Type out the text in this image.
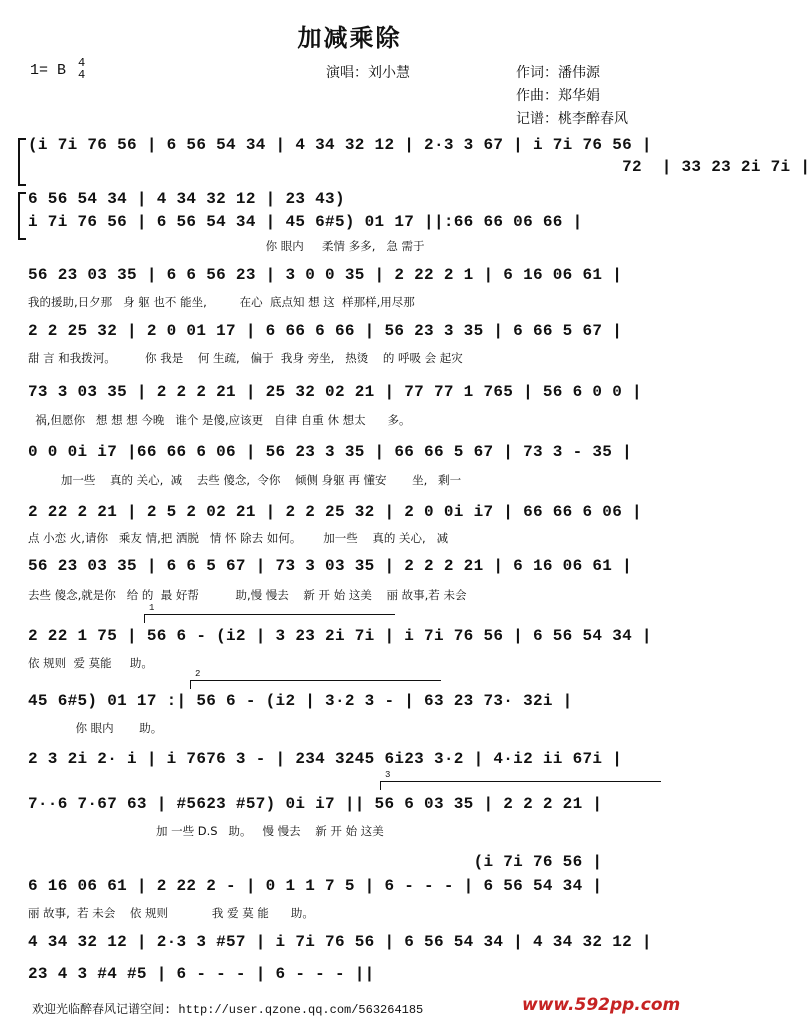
加减乘除
1= B 4
4	演唱：刘小慧	作词：潘伟源
作曲：郑华娟
记谱：桃李醉春风
(i 7i 76 56 | 6 56 54 34 | 4 34 32 12 | 2·3 3 67 | i 7i 76 56 |
72  | 33 23 2i 7i |
6 56 54 34 | 4 34 32 12 | 23 43)
i 7i 76 56 | 6 56 54 34 | 45 6#5) 01 17 ||:66 66 06 66 |
你 眼内     柔情 多多,   急 需于
56 23 03 35 | 6 6 56 23 | 3 0 0 35 | 2 22 2 1 | 6 16 06 61 |
我的援助,日夕那   身 躯 也不 能坐,         在心  底点知 想 这  样那样,用尽那
2 2 25 32 | 2 0 01 17 | 6 66 6 66 | 56 23 3 35 | 6 66 5 67 |
甜 言 和我拨河。        你 我是    何 生疏,   偏于  我身 旁坐,   热烫    的 呼吸 会 起灾
73 3 03 35 | 2 2 2 21 | 25 32 02 21 | 77 77 1 765 | 56 6 0 0 |
祸,但愿你   想 想 想 今晚   谁个 是傻,应该更   自律 自重 休 想太      多。
0 0 0i i7 |66 66 6 06 | 56 23 3 35 | 66 66 5 67 | 73 3 - 35 |
加一些    真的 关心,  减    去些 傻念,  令你    倾侧 身躯 再 懂安       坐,   剩一
2 22 2 21 | 2 5 2 02 21 | 2 2 25 32 | 2 0 0i i7 | 66 66 6 06 |
点 小恋 火,请你   乘友 情,把 洒脱   情 怀 除去 如何。      加一些    真的 关心,   减
56 23 03 35 | 6 6 5 67 | 73 3 03 35 | 2 2 2 21 | 6 16 06 61 |
去些 傻念,就是你   给 的  最 好帮          助,慢 慢去    新 开 始 这美    丽 故事,若 未会
1
2 22 1 75 | 56 6 - (i2 | 3 23 2i 7i | i 7i 76 56 | 6 56 54 34 |
依 规则  爱 莫能     助。
2
45 6#5) 01 17 :| 56 6 - (i2 | 3·2 3 - | 63 23 73· 32i |
你 眼内       助。
2 3 2i 2· i | i 7676 3 - | 234 3245 6i23 3·2 | 4·i2 ii 67i |
3
7··6 7·67 63 | #5623 #57) 0i i7 || 56 6 03 35 | 2 2 2 21 |
加 一些 D.S   助。   慢 慢去    新 开 始 这美
(i 7i 76 56 |
6 16 06 61 | 2 22 2 - | 0 1 1 7 5 | 6 - - - | 6 56 54 34 |
丽 故事,  若 未会    依 规则            我 爱 莫 能      助。
4 34 32 12 | 2·3 3 #57 | i 7i 76 56 | 6 56 54 34 | 4 34 32 12 |
23 4 3 #4 #5 | 6 - - - | 6 - - - ||
欢迎光临醉春风记谱空间: http://user.qzone.qq.com/563264185	www.592pp.com
